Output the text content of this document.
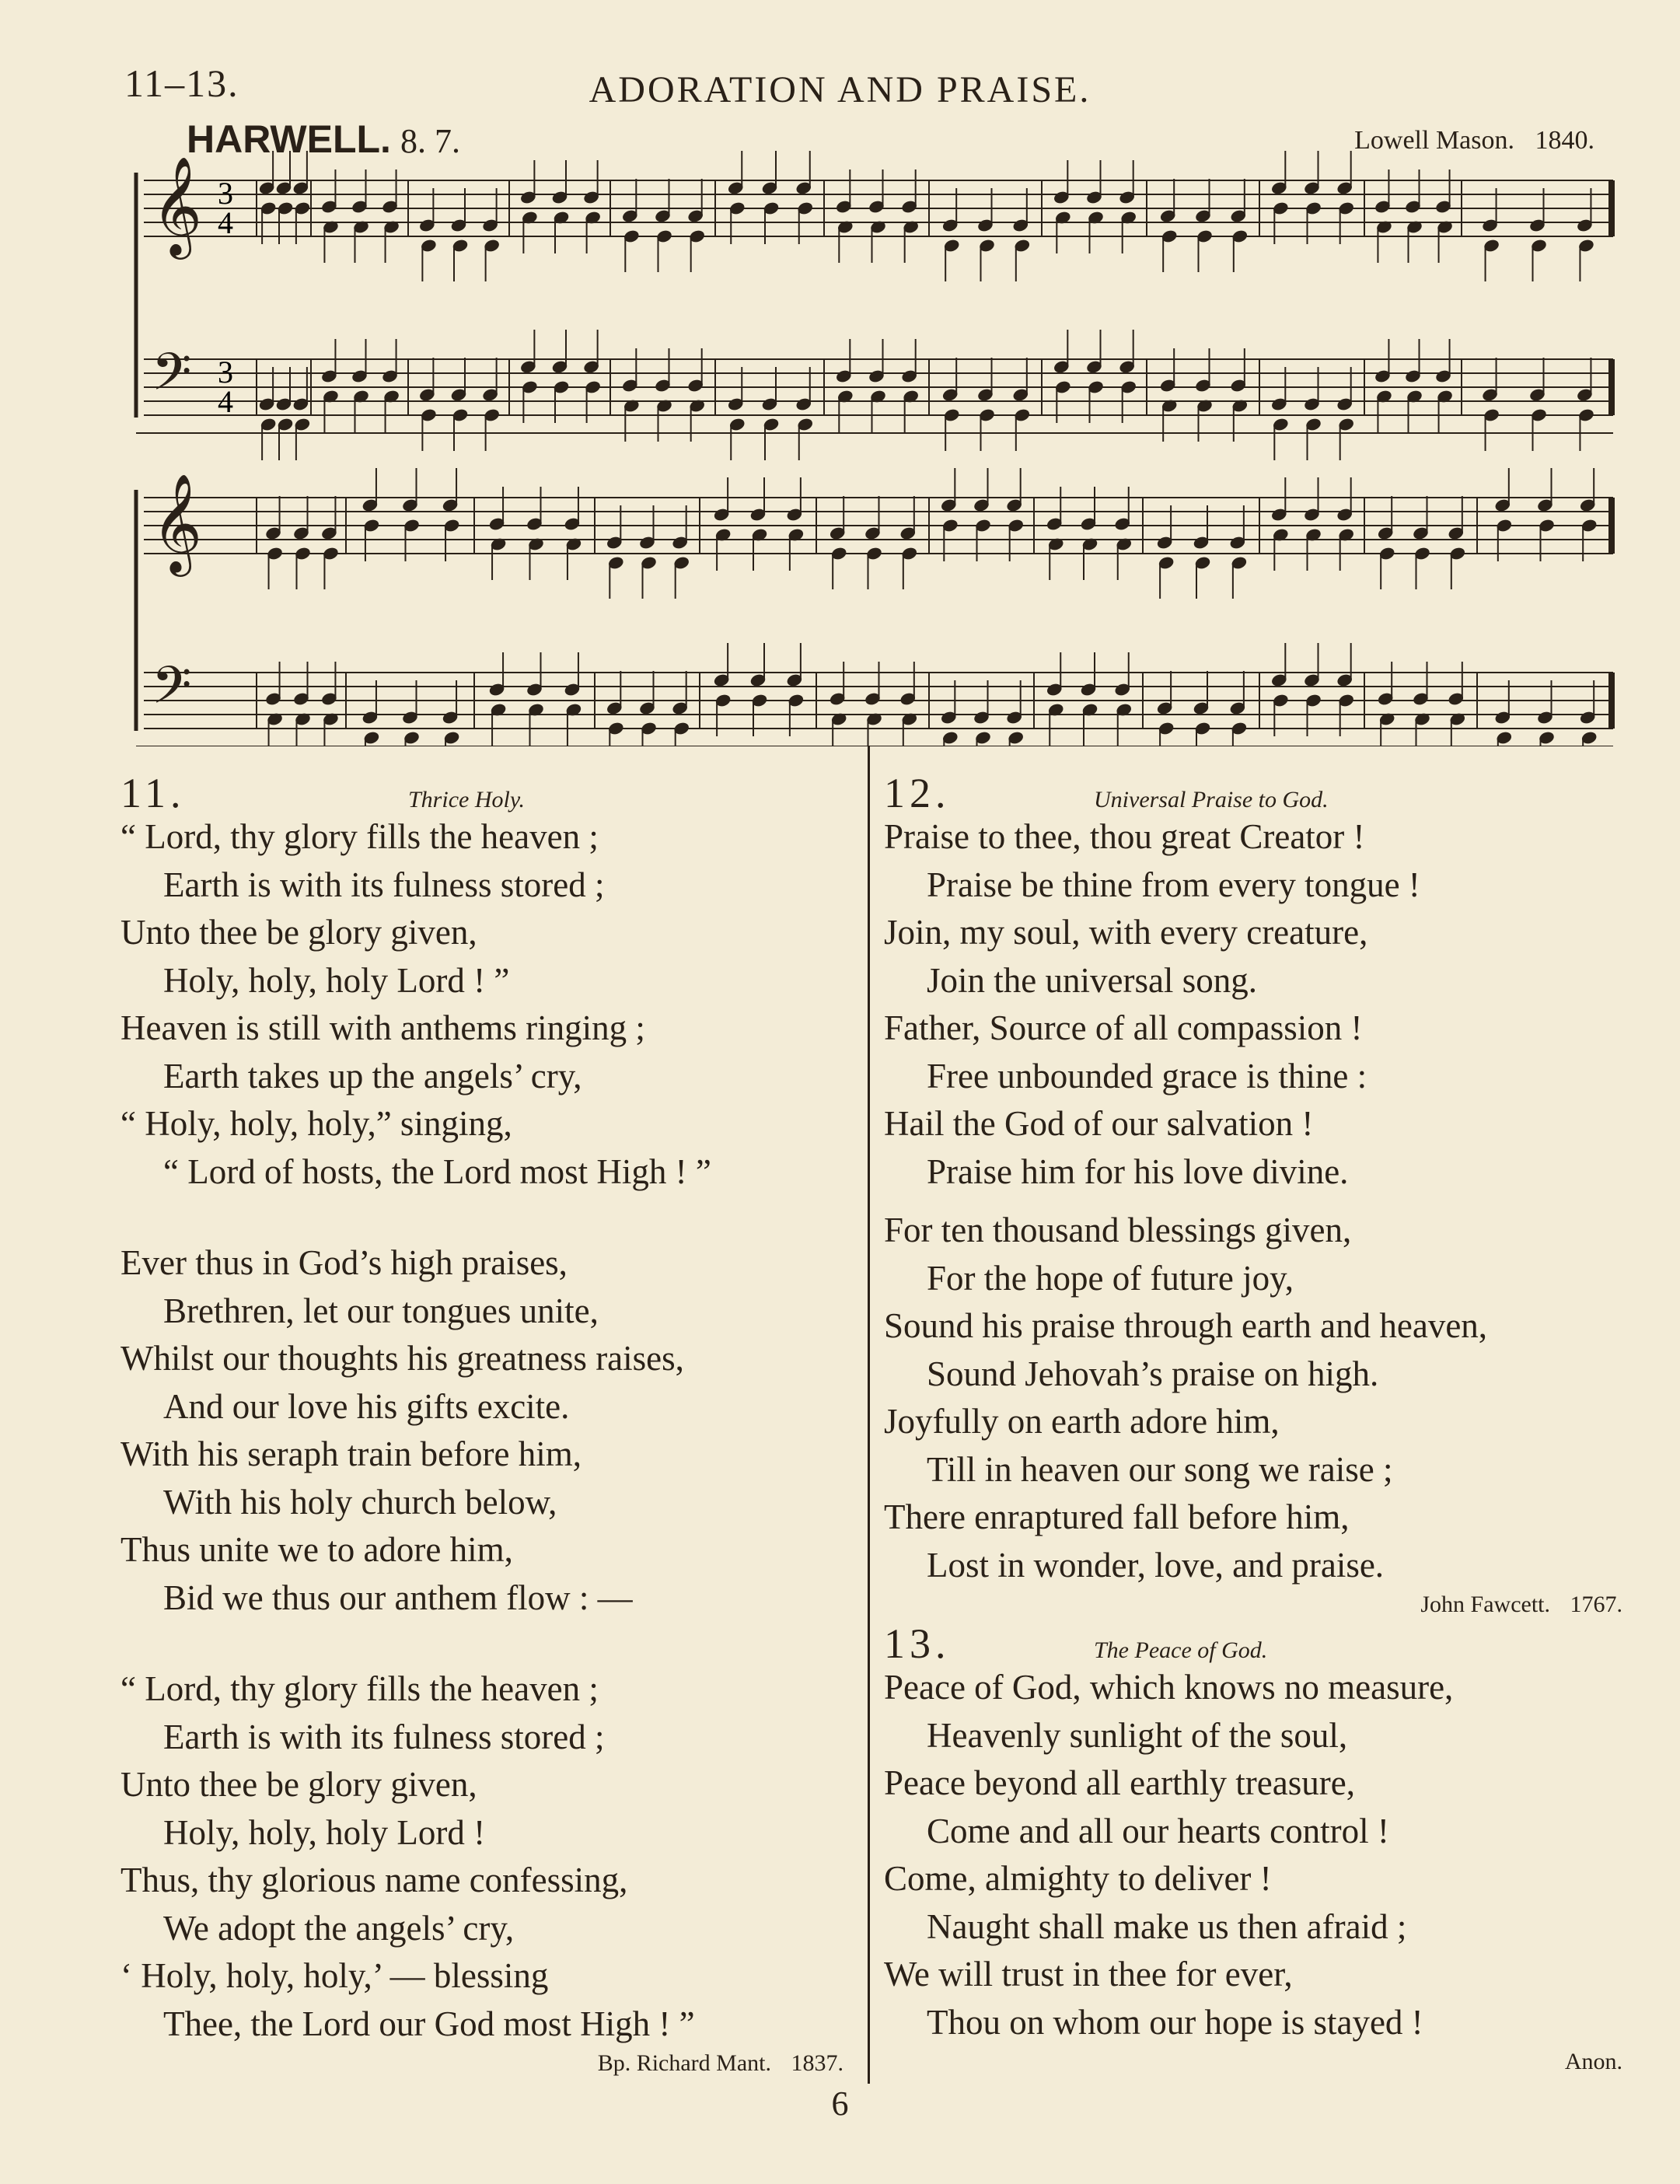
11–13.	ADORATION AND PRAISE.
HARWELL. 8. 7.	Lowell Mason. 1840.
𝄞
𝄢
𝄞
𝄢
3
4
3
4
11.	Thrice Holy.
“ Lord, thy glory fills the heaven ;
Earth is with its fulness stored ;
Unto thee be glory given,
Holy, holy, holy Lord ! ”
Heaven is still with anthems ringing ;
Earth takes up the angels’ cry,
“ Holy, holy, holy,” singing,
“ Lord of hosts, the Lord most High ! ”
Ever thus in God’s high praises,
Brethren, let our tongues unite,
Whilst our thoughts his greatness raises,
And our love his gifts excite.
With his seraph train before him,
With his holy church below,
Thus unite we to adore him,
Bid we thus our anthem flow : —
“ Lord, thy glory fills the heaven ;
Earth is with its fulness stored ;
Unto thee be glory given,
Holy, holy, holy Lord !
Thus, thy glorious name confessing,
We adopt the angels’ cry,
‘ Holy, holy, holy,’ — blessing
Thee, the Lord our God most High ! ”
Bp. Richard Mant. 1837.
12.	Universal Praise to God.
Praise to thee, thou great Creator !
Praise be thine from every tongue !
Join, my soul, with every creature,
Join the universal song.
Father, Source of all compassion !
Free unbounded grace is thine :
Hail the God of our salvation !
Praise him for his love divine.
For ten thousand blessings given,
For the hope of future joy,
Sound his praise through earth and heaven,
Sound Jehovah’s praise on high.
Joyfully on earth adore him,
Till in heaven our song we raise ;
There enraptured fall before him,
Lost in wonder, love, and praise.
John Fawcett. 1767.
13.	The Peace of God.
Peace of God, which knows no measure,
Heavenly sunlight of the soul,
Peace beyond all earthly treasure,
Come and all our hearts control !
Come, almighty to deliver !
Naught shall make us then afraid ;
We will trust in thee for ever,
Thou on whom our hope is stayed !
Anon.
6
